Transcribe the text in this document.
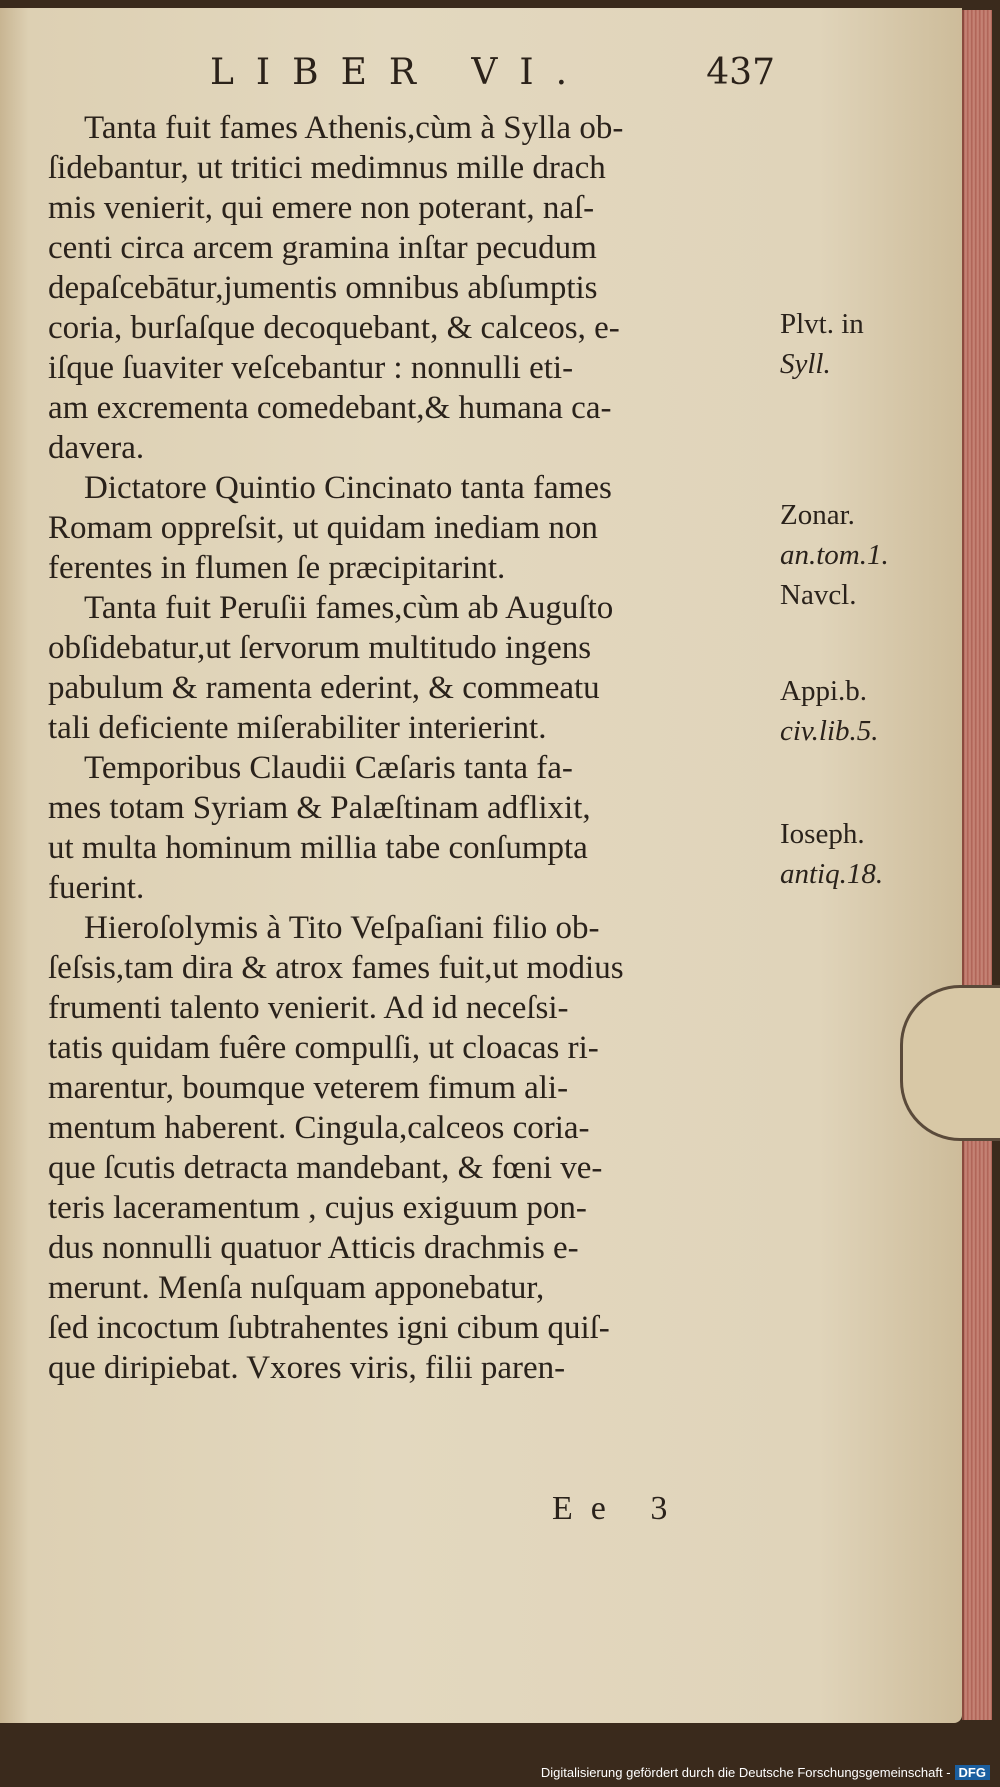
LIBER VI.	437
Tanta fuit fames Athenis,cùm à Sylla ob-
ſidebantur, ut tritici medimnus mille drach
mis venierit, qui emere non poterant, naſ-
centi circa arcem gramina inſtar pecudum
depaſcebātur,jumentis omnibus abſumptis
coria, burſaſque decoquebant, & calceos, e-
iſque ſuaviter veſcebantur : nonnulli eti-
am excrementa comedebant,& humana ca-
davera.
Dictatore Quintio Cincinato tanta fames
Romam oppreſsit, ut quidam inediam non
ferentes in flumen ſe præcipitarint.
Tanta fuit Peruſii fames,cùm ab Auguſto
obſidebatur,ut ſervorum multitudo ingens
pabulum & ramenta ederint, & commeatu
tali deficiente miſerabiliter interierint.
Temporibus Claudii Cæſaris tanta fa-
mes totam Syriam & Palæſtinam adflixit,
ut multa hominum millia tabe conſumpta
fuerint.
Hieroſolymis à Tito Veſpaſiani filio ob-
ſeſsis,tam dira & atrox fames fuit,ut modius
frumenti talento venierit. Ad id neceſsi-
tatis quidam fuêre compulſi, ut cloacas ri-
marentur, boumque veterem fimum ali-
mentum haberent. Cingula,calceos coria-
que ſcutis detracta mandebant, & fœni ve-
teris laceramentum , cujus exiguum pon-
dus nonnulli quatuor Atticis drachmis e-
merunt. Menſa nuſquam apponebatur,
ſed incoctum ſubtrahentes igni cibum quiſ-
que diripiebat. Vxores viris, filii paren-
Plvt. in
Syll.
Zonar.
an.tom.1.
Navcl.
Appi.b.
civ.lib.5.
Ioseph.
antiq.18.
Ee 3
Digitalisierung gefördert durch die Deutsche Forschungsgemeinschaft - DFG
